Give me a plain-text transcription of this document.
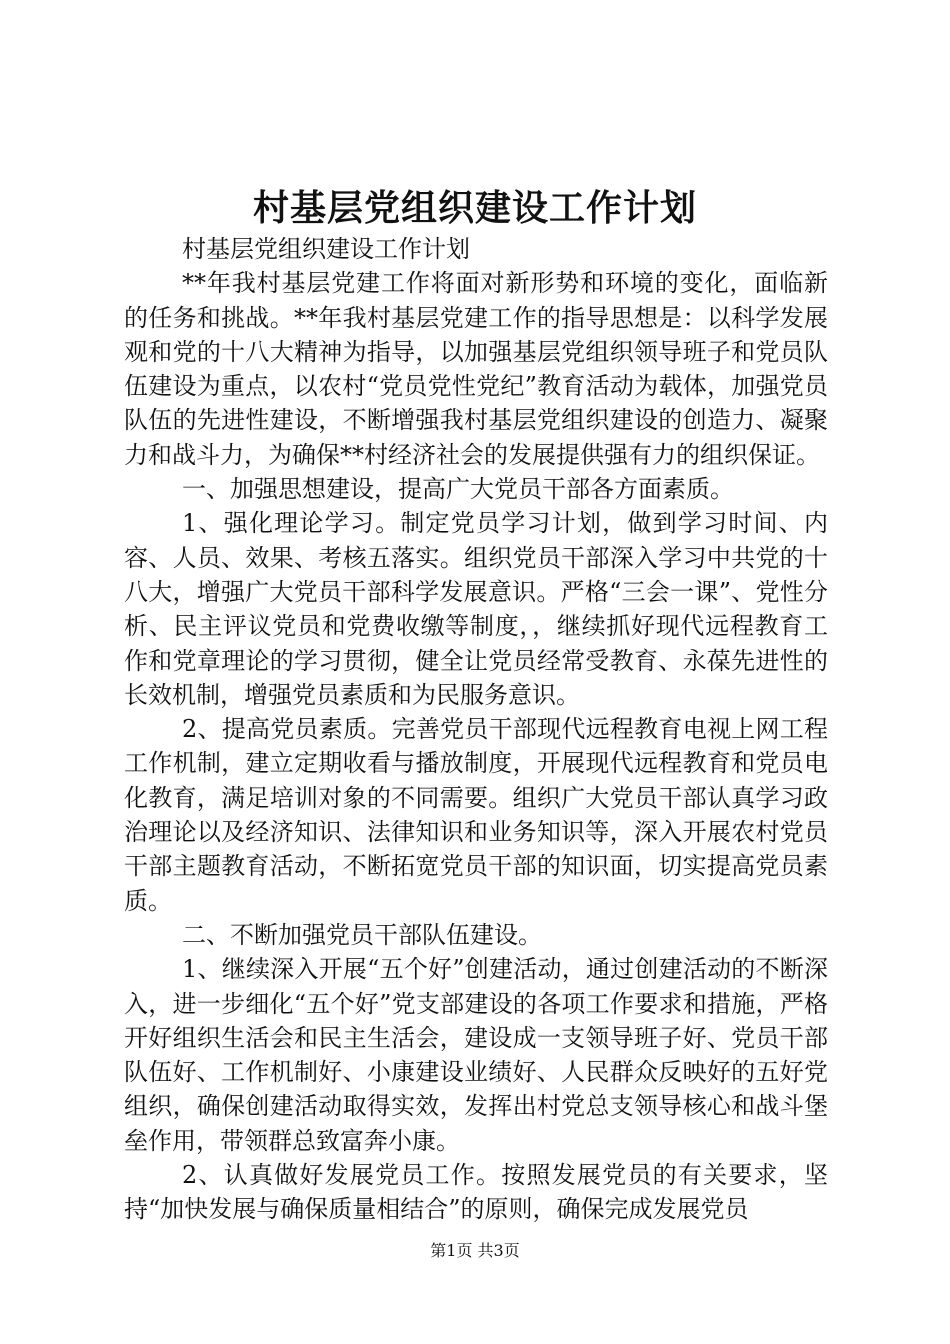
村基层党组织建设工作计划

村基层党组织建设工作计划

**年我村基层党建工作将面对新形势和环境的变化，面临新的任务和挑战。**年我村基层党建工作的指导思想是：以科学发展观和党的十八大精神为指导，以加强基层党组织领导班子和党员队伍建设为重点，以农村“党员党性党纪”教育活动为载体，加强党员队伍的先进性建设，不断增强我村基层党组织建设的创造力、凝聚力和战斗力，为确保**村经济社会的发展提供强有力的组织保证。

一、加强思想建设，提高广大党员干部各方面素质。

1、强化理论学习。制定党员学习计划，做到学习时间、内容、人员、效果、考核五落实。组织党员干部深入学习中共党的十八大，增强广大党员干部科学发展意识。严格“三会一课”、党性分析、民主评议党员和党费收缴等制度，，继续抓好现代远程教育工作和党章理论的学习贯彻，健全让党员经常受教育、永葆先进性的长效机制，增强党员素质和为民服务意识。

2、提高党员素质。完善党员干部现代远程教育电视上网工程工作机制，建立定期收看与播放制度，开展现代远程教育和党员电化教育，满足培训对象的不同需要。组织广大党员干部认真学习政治理论以及经济知识、法律知识和业务知识等，深入开展农村党员干部主题教育活动，不断拓宽党员干部的知识面，切实提高党员素质。

二、不断加强党员干部队伍建设。

1、继续深入开展“五个好”创建活动，通过创建活动的不断深入，进一步细化“五个好”党支部建设的各项工作要求和措施，严格开好组织生活会和民主生活会，建设成一支领导班子好、党员干部队伍好、工作机制好、小康建设业绩好、人民群众反映好的五好党组织，确保创建活动取得实效，发挥出村党总支领导核心和战斗堡垒作用，带领群总致富奔小康。

2、认真做好发展党员工作。按照发展党员的有关要求，坚持“加快发展与确保质量相结合”的原则，确保完成发展党员

第1页 共3页
